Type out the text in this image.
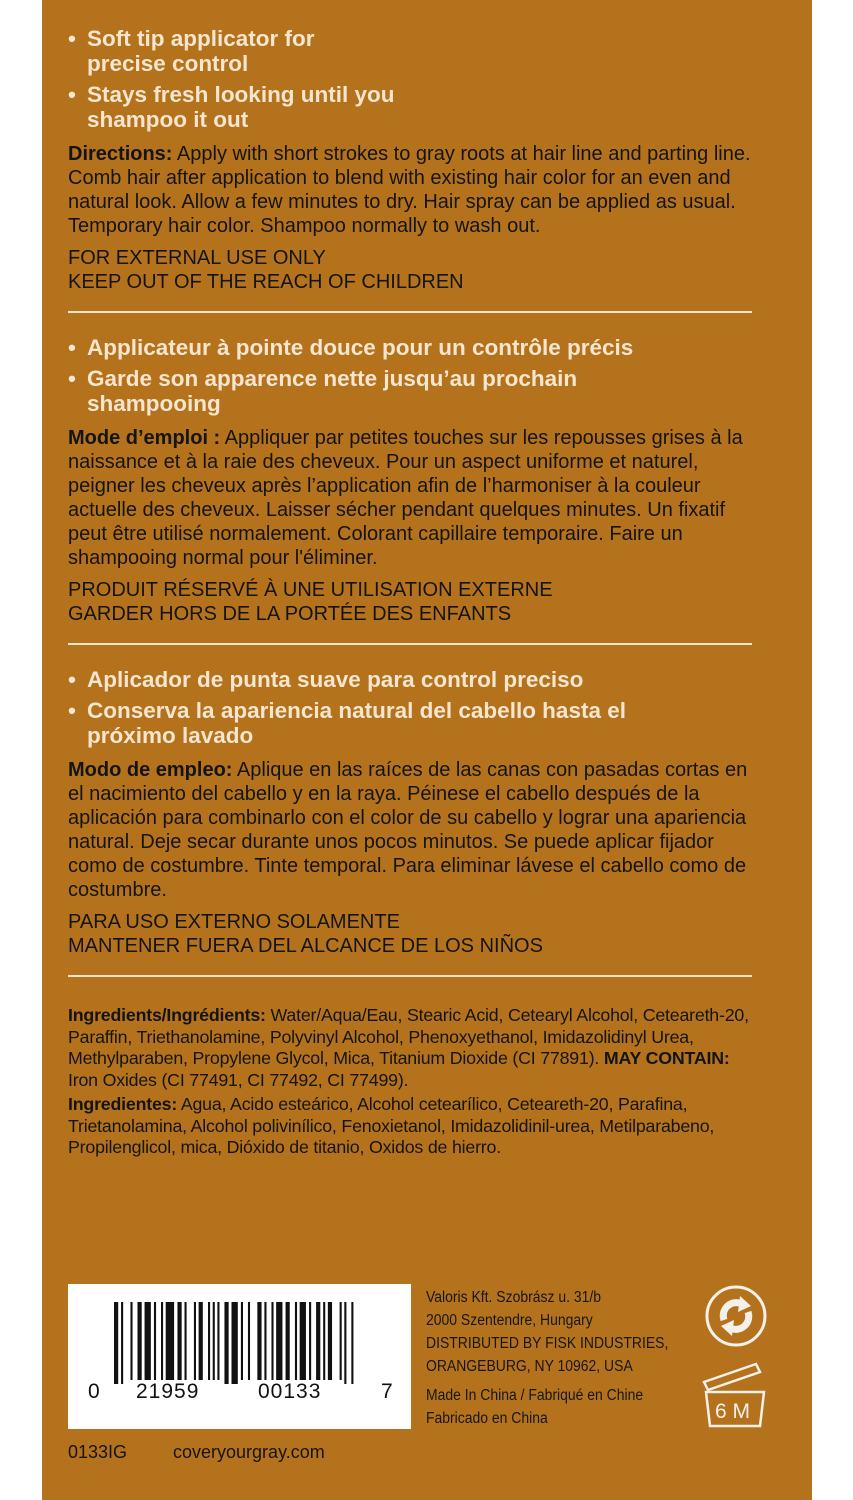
• Soft tip applicator for precise control
• Stays fresh looking until you shampoo it out
Directions: Apply with short strokes to gray roots at hair line and parting line. Comb hair after application to blend with existing hair color for an even and natural look. Allow a few minutes to dry. Hair spray can be applied as usual. Temporary hair color. Shampoo normally to wash out.
FOR EXTERNAL USE ONLY
KEEP OUT OF THE REACH OF CHILDREN
• Applicateur à pointe douce pour un contrôle précis
• Garde son apparence nette jusqu’au prochain shampooing
Mode d’emploi : Appliquer par petites touches sur les repousses grises à la naissance et à la raie des cheveux. Pour un aspect uniforme et naturel, peigner les cheveux après l’application afin de l’harmoniser à la couleur actuelle des cheveux. Laisser sécher pendant quelques minutes. Un fixatif peut être utilisé normalement. Colorant capillaire temporaire. Faire un shampooing normal pour l'éliminer.
PRODUIT RÉSERVÉ À UNE UTILISATION EXTERNE
GARDER HORS DE LA PORTÉE DES ENFANTS
• Aplicador de punta suave para control preciso
• Conserva la apariencia natural del cabello hasta el próximo lavado
Modo de empleo: Aplique en las raíces de las canas con pasadas cortas en el nacimiento del cabello y en la raya. Péinese el cabello después de la aplicación para combinarlo con el color de su cabello y lograr una apariencia natural. Deje secar durante unos pocos minutos. Se puede aplicar fijador como de costumbre. Tinte temporal. Para eliminar lávese el cabello como de costumbre.
PARA USO EXTERNO SOLAMENTE
MANTENER FUERA DEL ALCANCE DE LOS NIÑOS
Ingredients/Ingrédients: Water/Aqua/Eau, Stearic Acid, Cetearyl Alcohol, Ceteareth-20, Paraffin, Triethanolamine, Polyvinyl Alcohol, Phenoxyethanol, Imidazolidinyl Urea, Methylparaben, Propylene Glycol, Mica, Titanium Dioxide (CI 77891). MAY CONTAIN: Iron Oxides (CI 77491, CI 77492, CI 77499).
Ingredientes: Agua, Acido esteárico, Alcohol cetearílico, Ceteareth-20, Parafina, Trietanolamina, Alcohol polivinílico, Fenoxietanol, Imidazolidinil-urea, Metilparabeno, Propilenglicol, mica, Dióxido de titanio, Oxidos de hierro.
0 21959	00133	7
Valoris Kft. Szobrász u. 31/b
2000 Szentendre, Hungary
DISTRIBUTED BY FISK INDUSTRIES,
ORANGEBURG, NY 10962, USA
Made In China / Fabriqué en Chine
Fabricado en China	6 M
0133IG	coveryourgray.com
